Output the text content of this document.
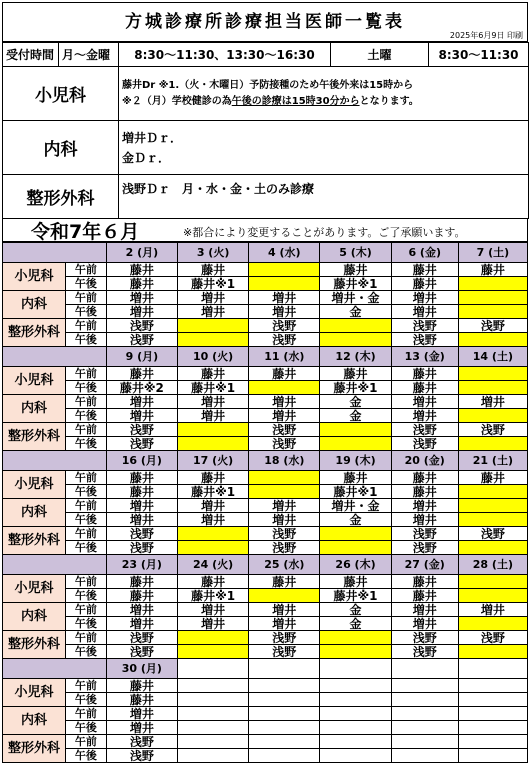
方城診療所診療担当医師一覧表
2025年6月9日 印刷
受付時間	月～金曜	8:30～11:30、13:30～16:30	土曜	8:30～11:30
小児科		藤井Dr ※1.（火・木曜日）予防接種のため午後外来は15時から
※２（月）学校健診の為午後の診療は15時30分からとなります。		

内科		増井Ｄｒ．
金Ｄｒ．		

整形外科		浅野Ｄｒ　月・水・金・土のみ診療		
令和7年６月	※都合により変更することがあります。ご了承願います。
		2 (月)	3 (火)	4 (水)	5 (木)	6 (金)	7 (土)
小児科	午前	藤井	藤井		藤井	藤井	藤井
	午後	藤井	藤井※1		藤井※1	藤井	
内科	午前	増井	増井	増井	増井・金	増井	
	午後	増井	増井	増井	金	増井	
整形外科	午前	浅野		浅野		浅野	浅野
	午後	浅野		浅野		浅野	
		9 (月)	10 (火)	11 (水)	12 (木)	13 (金)	14 (土)
小児科	午前	藤井	藤井	藤井	藤井	藤井	
	午後	藤井※2	藤井※1		藤井※1	藤井	
内科	午前	増井	増井	増井	金	増井	増井
	午後	増井	増井	増井	金	増井	
整形外科	午前	浅野		浅野		浅野	浅野
	午後	浅野		浅野		浅野	
		16 (月)	17 (火)	18 (水)	19 (木)	20 (金)	21 (土)
小児科	午前	藤井	藤井		藤井	藤井	藤井
	午後	藤井	藤井※1		藤井※1	藤井	
内科	午前	増井	増井	増井	増井・金	増井	
	午後	増井	増井	増井	金	増井	
整形外科	午前	浅野		浅野		浅野	浅野
	午後	浅野		浅野		浅野	
		23 (月)	24 (火)	25 (水)	26 (木)	27 (金)	28 (土)
小児科	午前	藤井	藤井	藤井	藤井	藤井	
	午後	藤井	藤井※1		藤井※1	藤井	
内科	午前	増井	増井	増井	金	増井	増井
	午後	増井	増井	増井	金	増井	
整形外科	午前	浅野		浅野		浅野	浅野
	午後	浅野		浅野		浅野	
		30 (月)					
小児科	午前	藤井					
	午後	藤井					
内科	午前	増井					
	午後	増井					
整形外科	午前	浅野					
	午後	浅野					
